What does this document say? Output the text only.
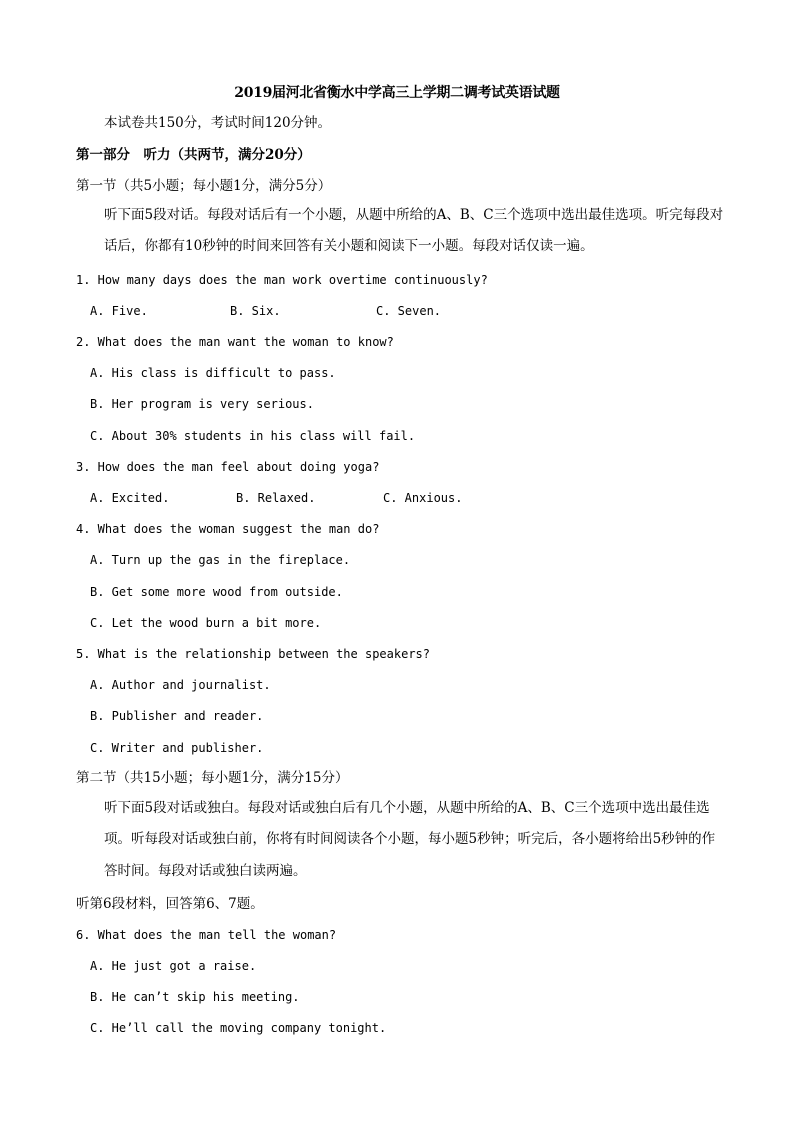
2019届河北省衡水中学高三上学期二调考试英语试题
本试卷共150分，考试时间120分钟。
第一部分　听力（共两节，满分20分）
第一节（共5小题；每小题1分，满分5分）
听下面5段对话。每段对话后有一个小题，从题中所给的A、B、C三个选项中选出最佳选项。听完每段对话后，你都有10秒钟的时间来回答有关小题和阅读下一小题。每段对话仅读一遍。
1. How many days does the man work overtime continuously?
A. Five.	B. Six.	C. Seven.
2. What does the man want the woman to know?
A. His class is difficult to pass.
B. Her program is very serious.
C. About 30% students in his class will fail.
3. How does the man feel about doing yoga?
A. Excited.	B. Relaxed.	C. Anxious.
4. What does the woman suggest the man do?
A. Turn up the gas in the fireplace.
B. Get some more wood from outside.
C. Let the wood burn a bit more.
5. What is the relationship between the speakers?
A. Author and journalist.
B. Publisher and reader.
C. Writer and publisher.
第二节（共15小题；每小题1分，满分15分）
听下面5段对话或独白。每段对话或独白后有几个小题，从题中所给的A、B、C三个选项中选出最佳选项。听每段对话或独白前，你将有时间阅读各个小题，每小题5秒钟；听完后，各小题将给出5秒钟的作答时间。每段对话或独白读两遍。
听第6段材料，回答第6、7题。
6. What does the man tell the woman?
A. He just got a raise.
B. He can’t skip his meeting.
C. He’ll call the moving company tonight.
